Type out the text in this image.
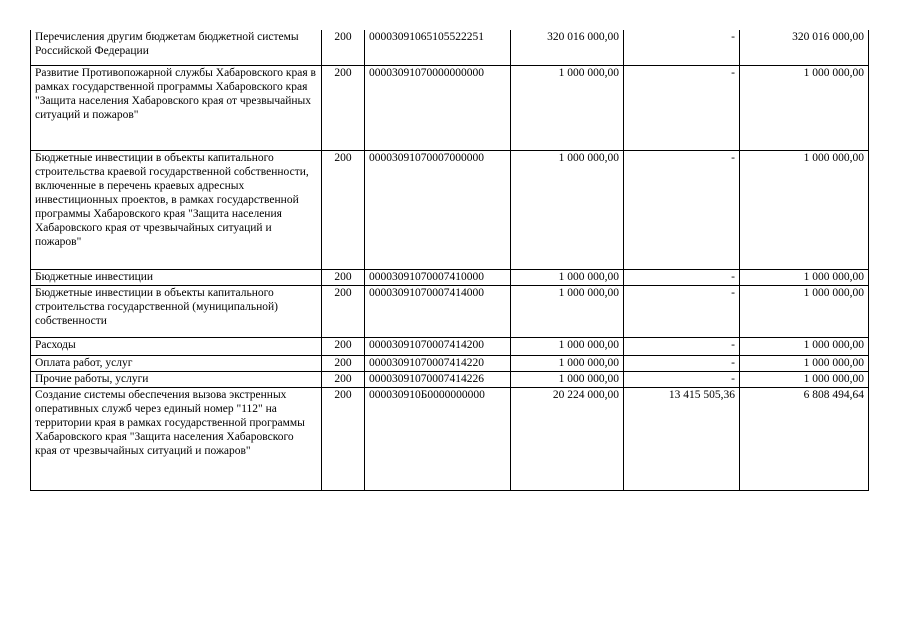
Перечисления другим бюджетам бюджетной системы Российской Федерации	200	00003091065105522251	320 016 000,00	-	320 016 000,00

Развитие Противопожарной службы Хабаровского края в рамках государственной программы Хабаровского края "Защита населения Хабаровского края от чрезвычайных ситуаций и пожаров"	200	00003091070000000000	1 000 000,00	-	1 000 000,00

Бюджетные инвестиции в объекты капитального строительства краевой государственной собственности, включенные в перечень краевых адресных инвестиционных проектов, в рамках государственной программы Хабаровского края "Защита населения Хабаровского края от чрезвычайных ситуаций и пожаров"	200	00003091070007000000	1 000 000,00	-	1 000 000,00

Бюджетные инвестиции	200	00003091070007410000	1 000 000,00	-	1 000 000,00

Бюджетные инвестиции в объекты капитального строительства государственной (муниципальной) собственности	200	00003091070007414000	1 000 000,00	-	1 000 000,00

Расходы	200	00003091070007414200	1 000 000,00	-	1 000 000,00

Оплата работ, услуг	200	00003091070007414220	1 000 000,00	-	1 000 000,00

Прочие работы, услуги	200	00003091070007414226	1 000 000,00	-	1 000 000,00

Создание системы обеспечения вызова экстренных оперативных служб через единый номер "112" на территории края в рамках государственной программы Хабаровского края "Защита населения Хабаровского края от чрезвычайных ситуаций и пожаров"	200	000030910Б0000000000	20 224 000,00	13 415 505,36	6 808 494,64
